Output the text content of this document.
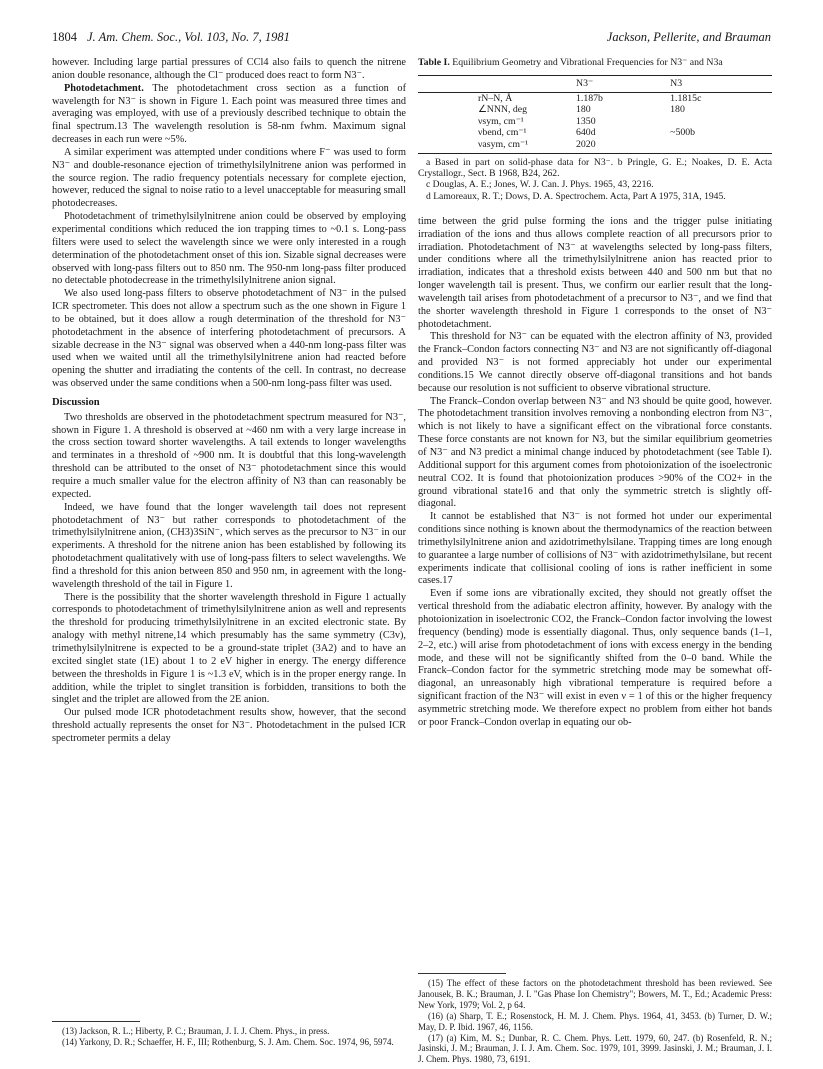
1804 J. Am. Chem. Soc., Vol. 103, No. 7, 1981	Jackson, Pellerite, and Brauman

however. Including large partial pressures of CCl4 also fails to quench the nitrene anion double resonance, although the Cl⁻ produced does react to form N3⁻.

Photodetachment. The photodetachment cross section as a function of wavelength for N3⁻ is shown in Figure 1. Each point was measured three times and averaging was employed, with use of a previously described technique to obtain the final spectrum.13 The wavelength resolution is 58-nm fwhm. Maximum signal decreases in each run were ~5%.

A similar experiment was attempted under conditions where F⁻ was used to form N3⁻ and double-resonance ejection of trimethylsilylnitrene anion was performed in the source region. The radio frequency potentials necessary for complete ejection, however, reduced the signal to noise ratio to a level unacceptable for measuring small photodecreases.

Photodetachment of trimethylsilylnitrene anion could be observed by employing experimental conditions which reduced the ion trapping times to ~0.1 s. Long-pass filters were used to select the wavelength since we were only interested in a rough determination of the photodetachment onset of this ion. Sizable signal decreases were observed with long-pass filters out to 850 nm. The 950-nm long-pass filter produced no detectable photodecrease in the trimethylsilylnitrene anion signal.

We also used long-pass filters to observe photodetachment of N3⁻ in the pulsed ICR spectrometer. This does not allow a spectrum such as the one shown in Figure 1 to be obtained, but it does allow a rough determination of the threshold for N3⁻ photodetachment in the absence of interfering photodetachment of precursors. A sizable decrease in the N3⁻ signal was observed when a 440-nm long-pass filter was used when we waited until all the trimethylsilylnitrene anion had reacted before opening the shutter and irradiating the contents of the cell. In contrast, no decrease was observed under the same conditions when a 500-nm long-pass filter was used.

Discussion

Two thresholds are observed in the photodetachment spectrum measured for N3⁻, shown in Figure 1. A threshold is observed at ~460 nm with a very large increase in the cross section toward shorter wavelengths. A tail extends to longer wavelengths and terminates in a threshold of ~900 nm. It is doubtful that this long-wavelength threshold can be attributed to the onset of N3⁻ photodetachment since this would require a much smaller value for the electron affinity of N3 than can reasonably be expected.

Indeed, we have found that the longer wavelength tail does not represent photodetachment of N3⁻ but rather corresponds to photodetachment of the trimethylsilylnitrene anion, (CH3)3SiN⁻, which serves as the precursor to N3⁻ in our experiments. A threshold for the nitrene anion has been established by following its photodetachment qualitatively with use of long-pass filters to select wavelengths. We find a threshold for this anion between 850 and 950 nm, in agreement with the long-wavelength threshold of the tail in Figure 1.

There is the possibility that the shorter wavelength threshold in Figure 1 actually corresponds to photodetachment of trimethylsilylnitrene anion as well and represents the threshold for producing trimethylsilylnitrene in an excited electronic state. By analogy with methyl nitrene,14 which presumably has the same symmetry (C3v), trimethylsilylnitrene is expected to be a ground-state triplet (3A2) and to have an excited singlet state (1E) about 1 to 2 eV higher in energy. The energy difference between the thresholds in Figure 1 is ~1.3 eV, which is in the proper energy range. In addition, while the triplet to singlet transition is forbidden, transitions to both the singlet and the triplet are allowed from the 2E anion.

Our pulsed mode ICR photodetachment results show, however, that the second threshold actually represents the onset for N3⁻. Photodetachment in the pulsed ICR spectrometer permits a delay

(13) Jackson, R. L.; Hiberty, P. C.; Brauman, J. I. J. Chem. Phys., in press.
(14) Yarkony, D. R.; Schaeffer, H. F., III; Rothenburg, S. J. Am. Chem. Soc. 1974, 96, 5974.
Table I. Equilibrium Geometry and Vibrational Frequencies for N3⁻ and N3a
	N3⁻	N3
rN–N, Å	1.187b	1.1815c
∠NNN, deg	180	180
νsym, cm⁻¹	1350	
νbend, cm⁻¹	640d	~500b
νasym, cm⁻¹	2020	
a Based in part on solid-phase data for N3⁻. b Pringle, G. E.; Noakes, D. E. Acta Crystallogr., Sect. B 1968, B24, 262.
c Douglas, A. E.; Jones, W. J. Can. J. Phys. 1965, 43, 2216.
d Lamoreaux, R. T.; Dows, D. A. Spectrochem. Acta, Part A 1975, 31A, 1945.

time between the grid pulse forming the ions and the trigger pulse initiating irradiation of the ions and thus allows complete reaction of all precursors prior to irradiation. Photodetachment of N3⁻ at wavelengths selected by long-pass filters, under conditions where all the trimethylsilylnitrene anion has reacted prior to irradiation, indicates that a threshold exists between 440 and 500 nm but that no longer wavelength tail is present. Thus, we confirm our earlier result that the long-wavelength tail arises from photodetachment of a precursor to N3⁻, and we find that the shorter wavelength threshold in Figure 1 corresponds to the onset of N3⁻ photodetachment.

This threshold for N3⁻ can be equated with the electron affinity of N3, provided the Franck–Condon factors connecting N3⁻ and N3 are not significantly off-diagonal and provided N3⁻ is not formed appreciably hot under our experimental conditions.15 We cannot directly observe off-diagonal transitions and hot bands because our resolution is not sufficient to observe vibrational structure.

The Franck–Condon overlap between N3⁻ and N3 should be quite good, however. The photodetachment transition involves removing a nonbonding electron from N3⁻, which is not likely to have a significant effect on the vibrational force constants. These force constants are not known for N3, but the similar equilibrium geometries of N3⁻ and N3 predict a minimal change induced by photodetachment (see Table I). Additional support for this argument comes from photoionization of the isoelectronic neutral CO2. It is found that photoionization produces >90% of the CO2+ in the ground vibrational state16 and that only the symmetric stretch is slightly off-diagonal.

It cannot be established that N3⁻ is not formed hot under our experimental conditions since nothing is known about the thermodynamics of the reaction between trimethylsilylnitrene anion and azidotrimethylsilane. Trapping times are long enough to guarantee a large number of collisions of N3⁻ with azidotrimethylsilane, but recent experiments indicate that collisional cooling of ions is rather inefficient in some cases.17

Even if some ions are vibrationally excited, they should not greatly offset the vertical threshold from the adiabatic electron affinity, however. By analogy with the photoionization in isoelectronic CO2, the Franck–Condon factor involving the lowest frequency (bending) mode is essentially diagonal. Thus, only sequence bands (1–1, 2–2, etc.) will arise from photodetachment of ions with excess energy in the bending mode, and these will not be significantly shifted from the 0–0 band. While the Franck–Condon factor for the symmetric stretching mode may be somewhat off-diagonal, an unreasonably high vibrational temperature is required before a significant fraction of the N3⁻ will exist in even ν = 1 of this or the higher frequency asymmetric stretching mode. We therefore expect no problem from either hot bands or poor Franck–Condon overlap in equating our ob-

(15) The effect of these factors on the photodetachment threshold has been reviewed. See Janousek, B. K.; Brauman, J. I. "Gas Phase Ion Chemistry"; Bowers, M. T., Ed.; Academic Press: New York, 1979; Vol. 2, p 64.
(16) (a) Sharp, T. E.; Rosenstock, H. M. J. Chem. Phys. 1964, 41, 3453. (b) Turner, D. W.; May, D. P. Ibid. 1967, 46, 1156.
(17) (a) Kim, M. S.; Dunbar, R. C. Chem. Phys. Lett. 1979, 60, 247. (b) Rosenfeld, R. N.; Jasinski, J. M.; Brauman, J. I. J. Am. Chem. Soc. 1979, 101, 3999. Jasinski, J. M.; Brauman, J. I. J. Chem. Phys. 1980, 73, 6191.
